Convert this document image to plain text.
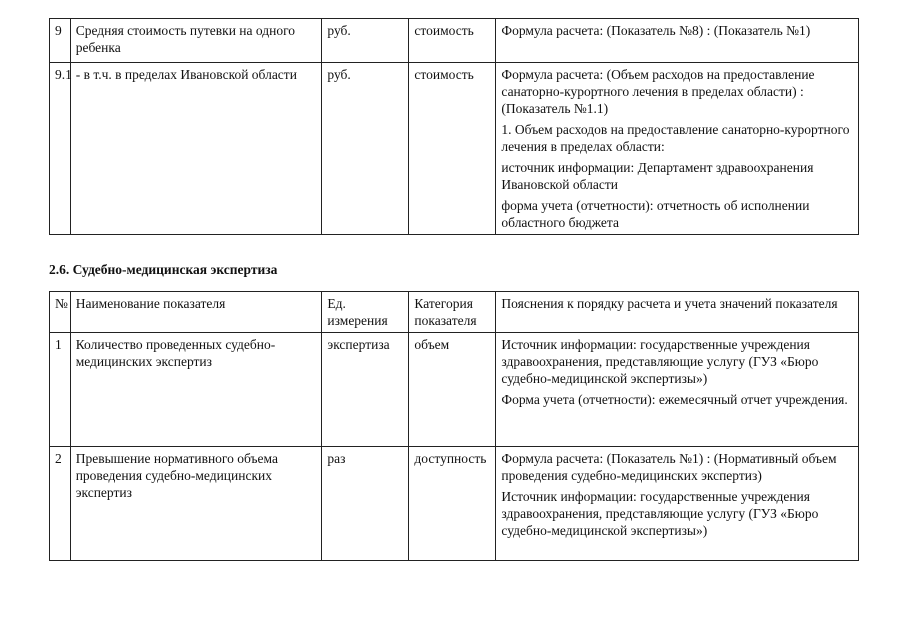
9	Средняя стоимость путевки на одного ребенка	руб.	стоимость	Формула расчета: (Показатель №8) : (Показатель №1)

9.1	- в т.ч. в пределах Ивановской области	руб.	стоимость	Формула расчета: (Объем расходов на предоставление санаторно-курортного лечения в пределах области) : (Показатель №1.1)

1. Объем расходов на предоставление санаторно-курортного лечения в пределах области:

источник информации: Департамент здравоохранения Ивановской области

форма учета (отчетности): отчетность об исполнении областного бюджета

2.6. Судебно-медицинская экспертиза
№	Наименование показателя	Ед. измерения	Категория показателя	Пояснения к порядку расчета и учета значений показателя
1	Количество проведенных судебно-медицинских экспертиз	экспертиза	объем	Источник информации: государственные учреждения здравоохранения, представляющие услугу (ГУЗ «Бюро судебно-медицинской экспертизы»)

Форма учета (отчетности): ежемесячный отчет учреждения.

2	Превышение нормативного объема проведения судебно-медицинских экспертиз	раз	доступность	Формула расчета: (Показатель №1) : (Нормативный объем проведения судебно-медицинских экспертиз)

Источник информации: государственные учреждения здравоохранения, представляющие услугу (ГУЗ «Бюро судебно-медицинской экспертизы»)
